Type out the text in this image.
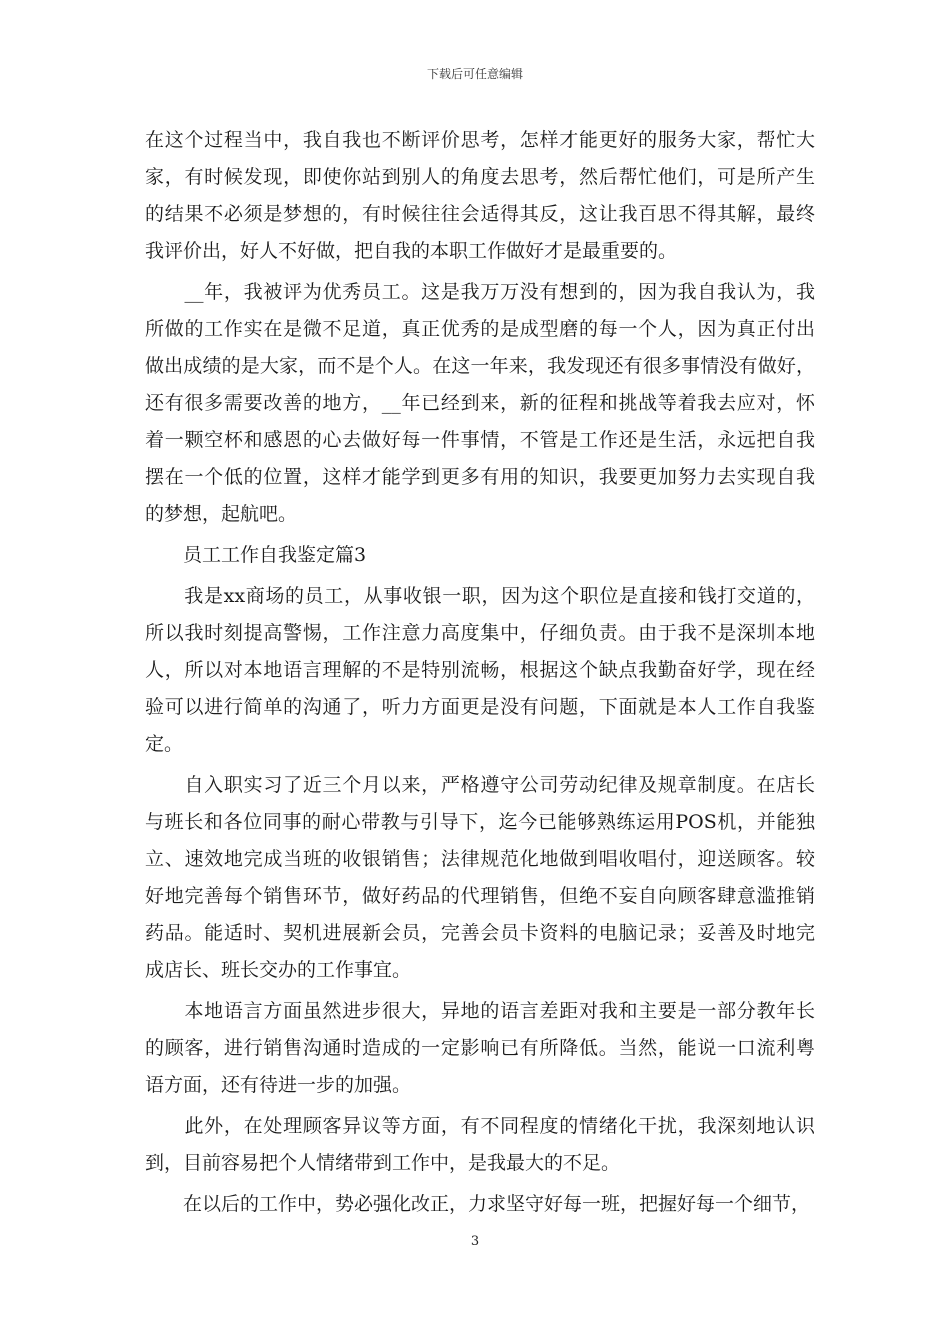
下载后可任意编辑
在这个过程当中，我自我也不断评价思考，怎样才能更好的服务大家，帮忙大
家，有时候发现，即使你站到别人的角度去思考，然后帮忙他们，可是所产生
的结果不必须是梦想的，有时候往往会适得其反，这让我百思不得其解，最终
我评价出，好人不好做，把自我的本职工作做好才是最重要的。
　　__年，我被评为优秀员工。这是我万万没有想到的，因为我自我认为，我
所做的工作实在是微不足道，真正优秀的是成型磨的每一个人，因为真正付出
做出成绩的是大家，而不是个人。在这一年来，我发现还有很多事情没有做好，
还有很多需要改善的地方，__年已经到来，新的征程和挑战等着我去应对，怀
着一颗空杯和感恩的心去做好每一件事情，不管是工作还是生活，永远把自我
摆在一个低的位置，这样才能学到更多有用的知识，我要更加努力去实现自我
的梦想，起航吧。
　　员工工作自我鉴定篇3
　　我是xx商场的员工，从事收银一职，因为这个职位是直接和钱打交道的，
所以我时刻提高警惕，工作注意力高度集中，仔细负责。由于我不是深圳本地
人，所以对本地语言理解的不是特别流畅，根据这个缺点我勤奋好学，现在经
验可以进行简单的沟通了，听力方面更是没有问题，下面就是本人工作自我鉴
定。
　　自入职实习了近三个月以来，严格遵守公司劳动纪律及规章制度。在店长
与班长和各位同事的耐心带教与引导下，迄今已能够熟练运用POS机，并能独
立、速效地完成当班的收银销售；法律规范化地做到唱收唱付，迎送顾客。较
好地完善每个销售环节，做好药品的代理销售，但绝不妄自向顾客肆意滥推销
药品。能适时、契机进展新会员，完善会员卡资料的电脑记录；妥善及时地完
成店长、班长交办的工作事宜。
　　本地语言方面虽然进步很大，异地的语言差距对我和主要是一部分教年长
的顾客，进行销售沟通时造成的一定影响已有所降低。当然，能说一口流利粤
语方面，还有待进一步的加强。
　　此外，在处理顾客异议等方面，有不同程度的情绪化干扰，我深刻地认识
到，目前容易把个人情绪带到工作中，是我最大的不足。
　　在以后的工作中，势必强化改正，力求坚守好每一班，把握好每一个细节，
3
